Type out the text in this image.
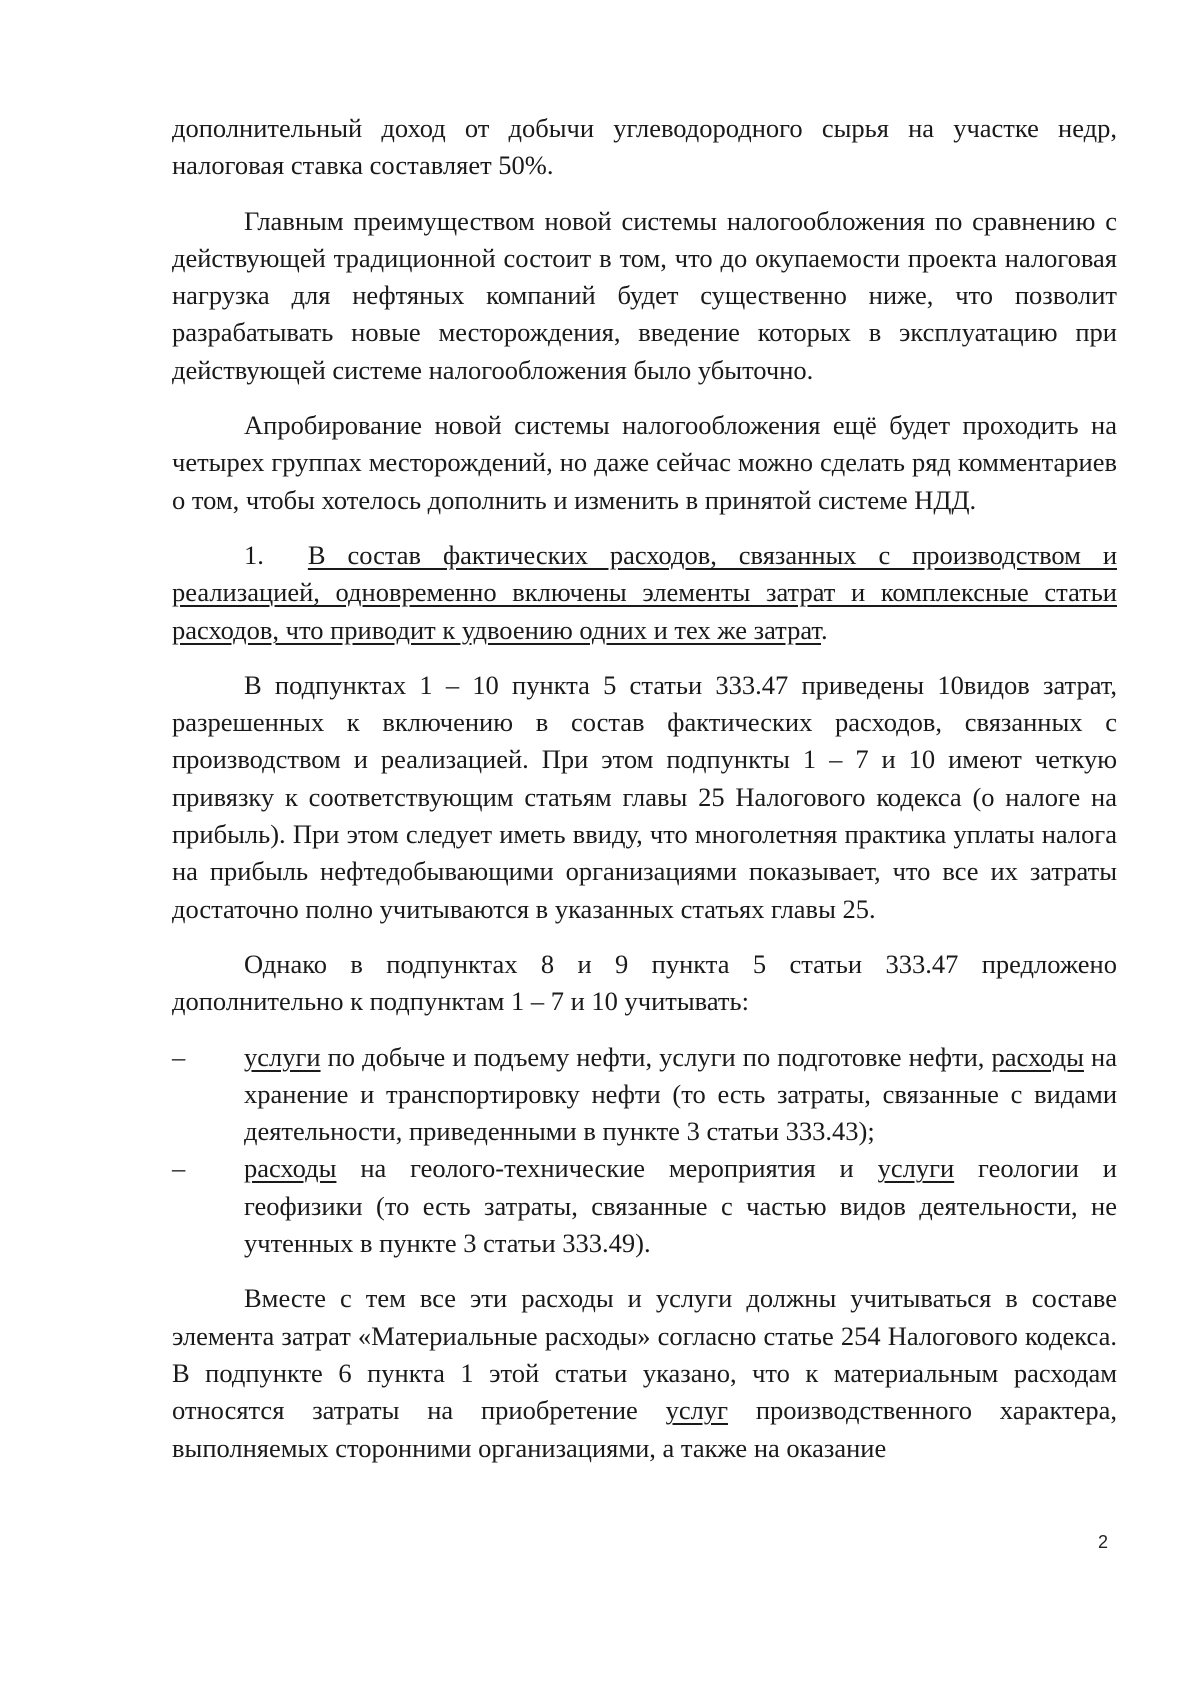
дополнительный доход от добычи углеводородного сырья на участке недр, налоговая ставка составляет 50%.

Главным преимуществом новой системы налогообложения по сравнению с действующей традиционной состоит в том, что до окупаемости проекта налоговая нагрузка для нефтяных компаний будет существенно ниже, что позволит разрабатывать новые месторождения, введение которых в эксплуатацию при действующей системе налогообложения было убыточно.

Апробирование новой системы налогообложения ещё будет проходить на четырех группах месторождений, но даже сейчас можно сделать ряд комментариев о том, чтобы хотелось дополнить и изменить в принятой системе НДД.

1. В состав фактических расходов, связанных с производством и реализацией, одновременно включены элементы затрат и комплексные статьи расходов, что приводит к удвоению одних и тех же затрат.

В подпунктах 1 – 10 пункта 5 статьи 333.47 приведены 10видов затрат, разрешенных к включению в состав фактических расходов, связанных с производством и реализацией. При этом подпункты 1 – 7 и 10 имеют четкую привязку к соответствующим статьям главы 25 Налогового кодекса (о налоге на прибыль). При этом следует иметь ввиду, что многолетняя практика уплаты налога на прибыль нефтедобывающими организациями показывает, что все их затраты достаточно полно учитываются в указанных статьях главы 25.

Однако в подпунктах 8 и 9 пункта 5 статьи 333.47 предложено дополнительно к подпунктам 1 – 7 и 10 учитывать:

–	услуги по добыче и подъему нефти, услуги по подготовке нефти, расходы на хранение и транспортировку нефти (то есть затраты, связанные с видами деятельности, приведенными в пункте 3 статьи 333.43);
–	расходы на геолого-технические мероприятия и услуги геологии и геофизики (то есть затраты, связанные с частью видов деятельности, не учтенных в пункте 3 статьи 333.49).

Вместе с тем все эти расходы и услуги должны учитываться в составе элемента затрат «Материальные расходы» согласно статье 254 Налогового кодекса. В подпункте 6 пункта 1 этой статьи указано, что к материальным расходам относятся затраты на приобретение услуг производственного характера, выполняемых сторонними организациями, а также на оказание

2
